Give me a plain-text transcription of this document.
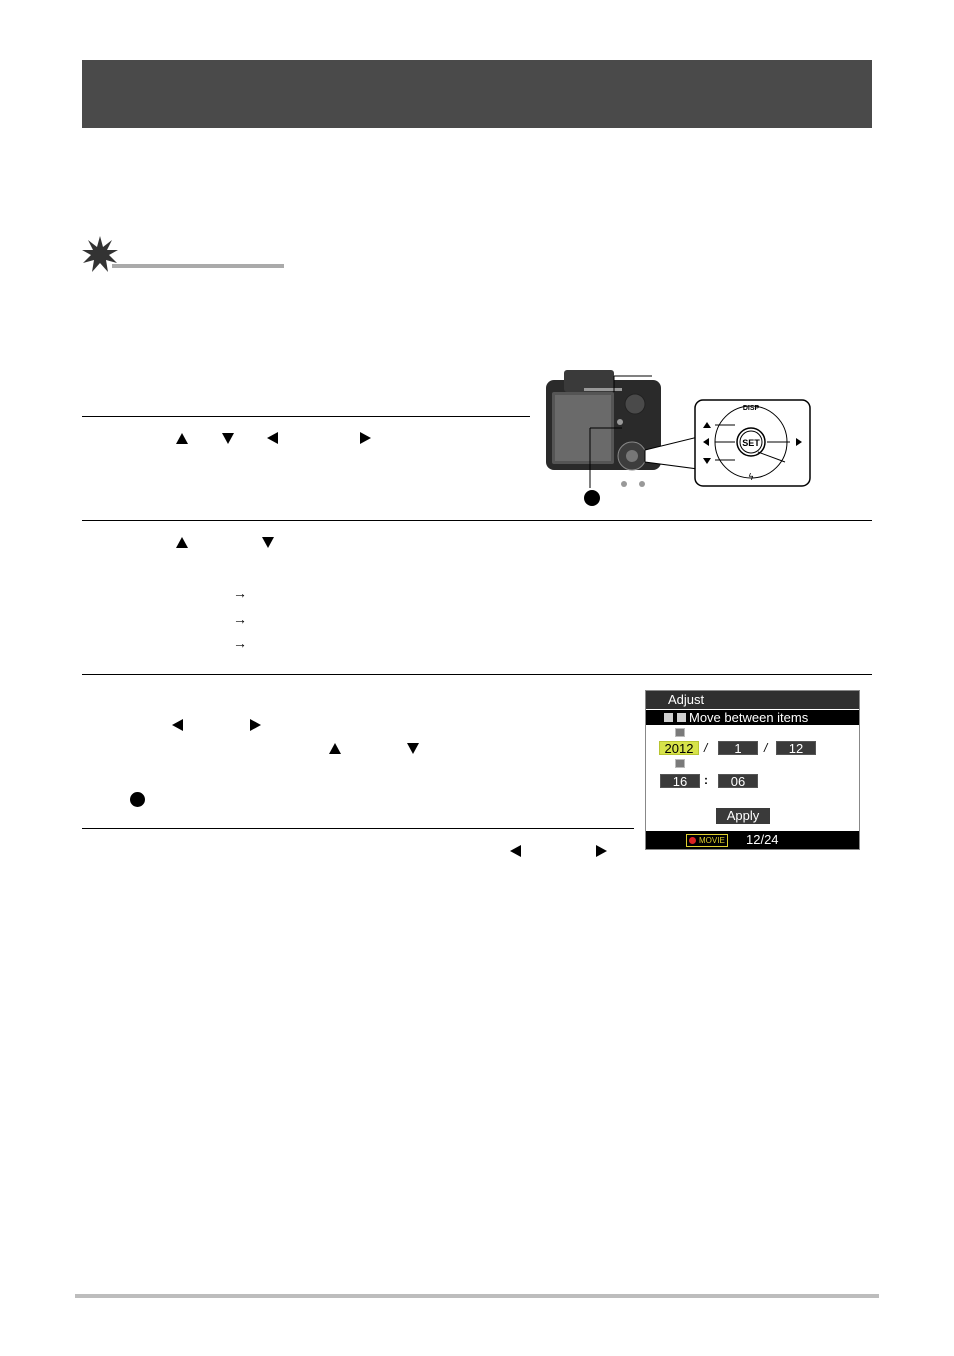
SET
DISP
ϟ
→
→
→
Adjust
Move between items
2012 /	1	/	12
16	:	06
Apply
MOVIE 12/24
